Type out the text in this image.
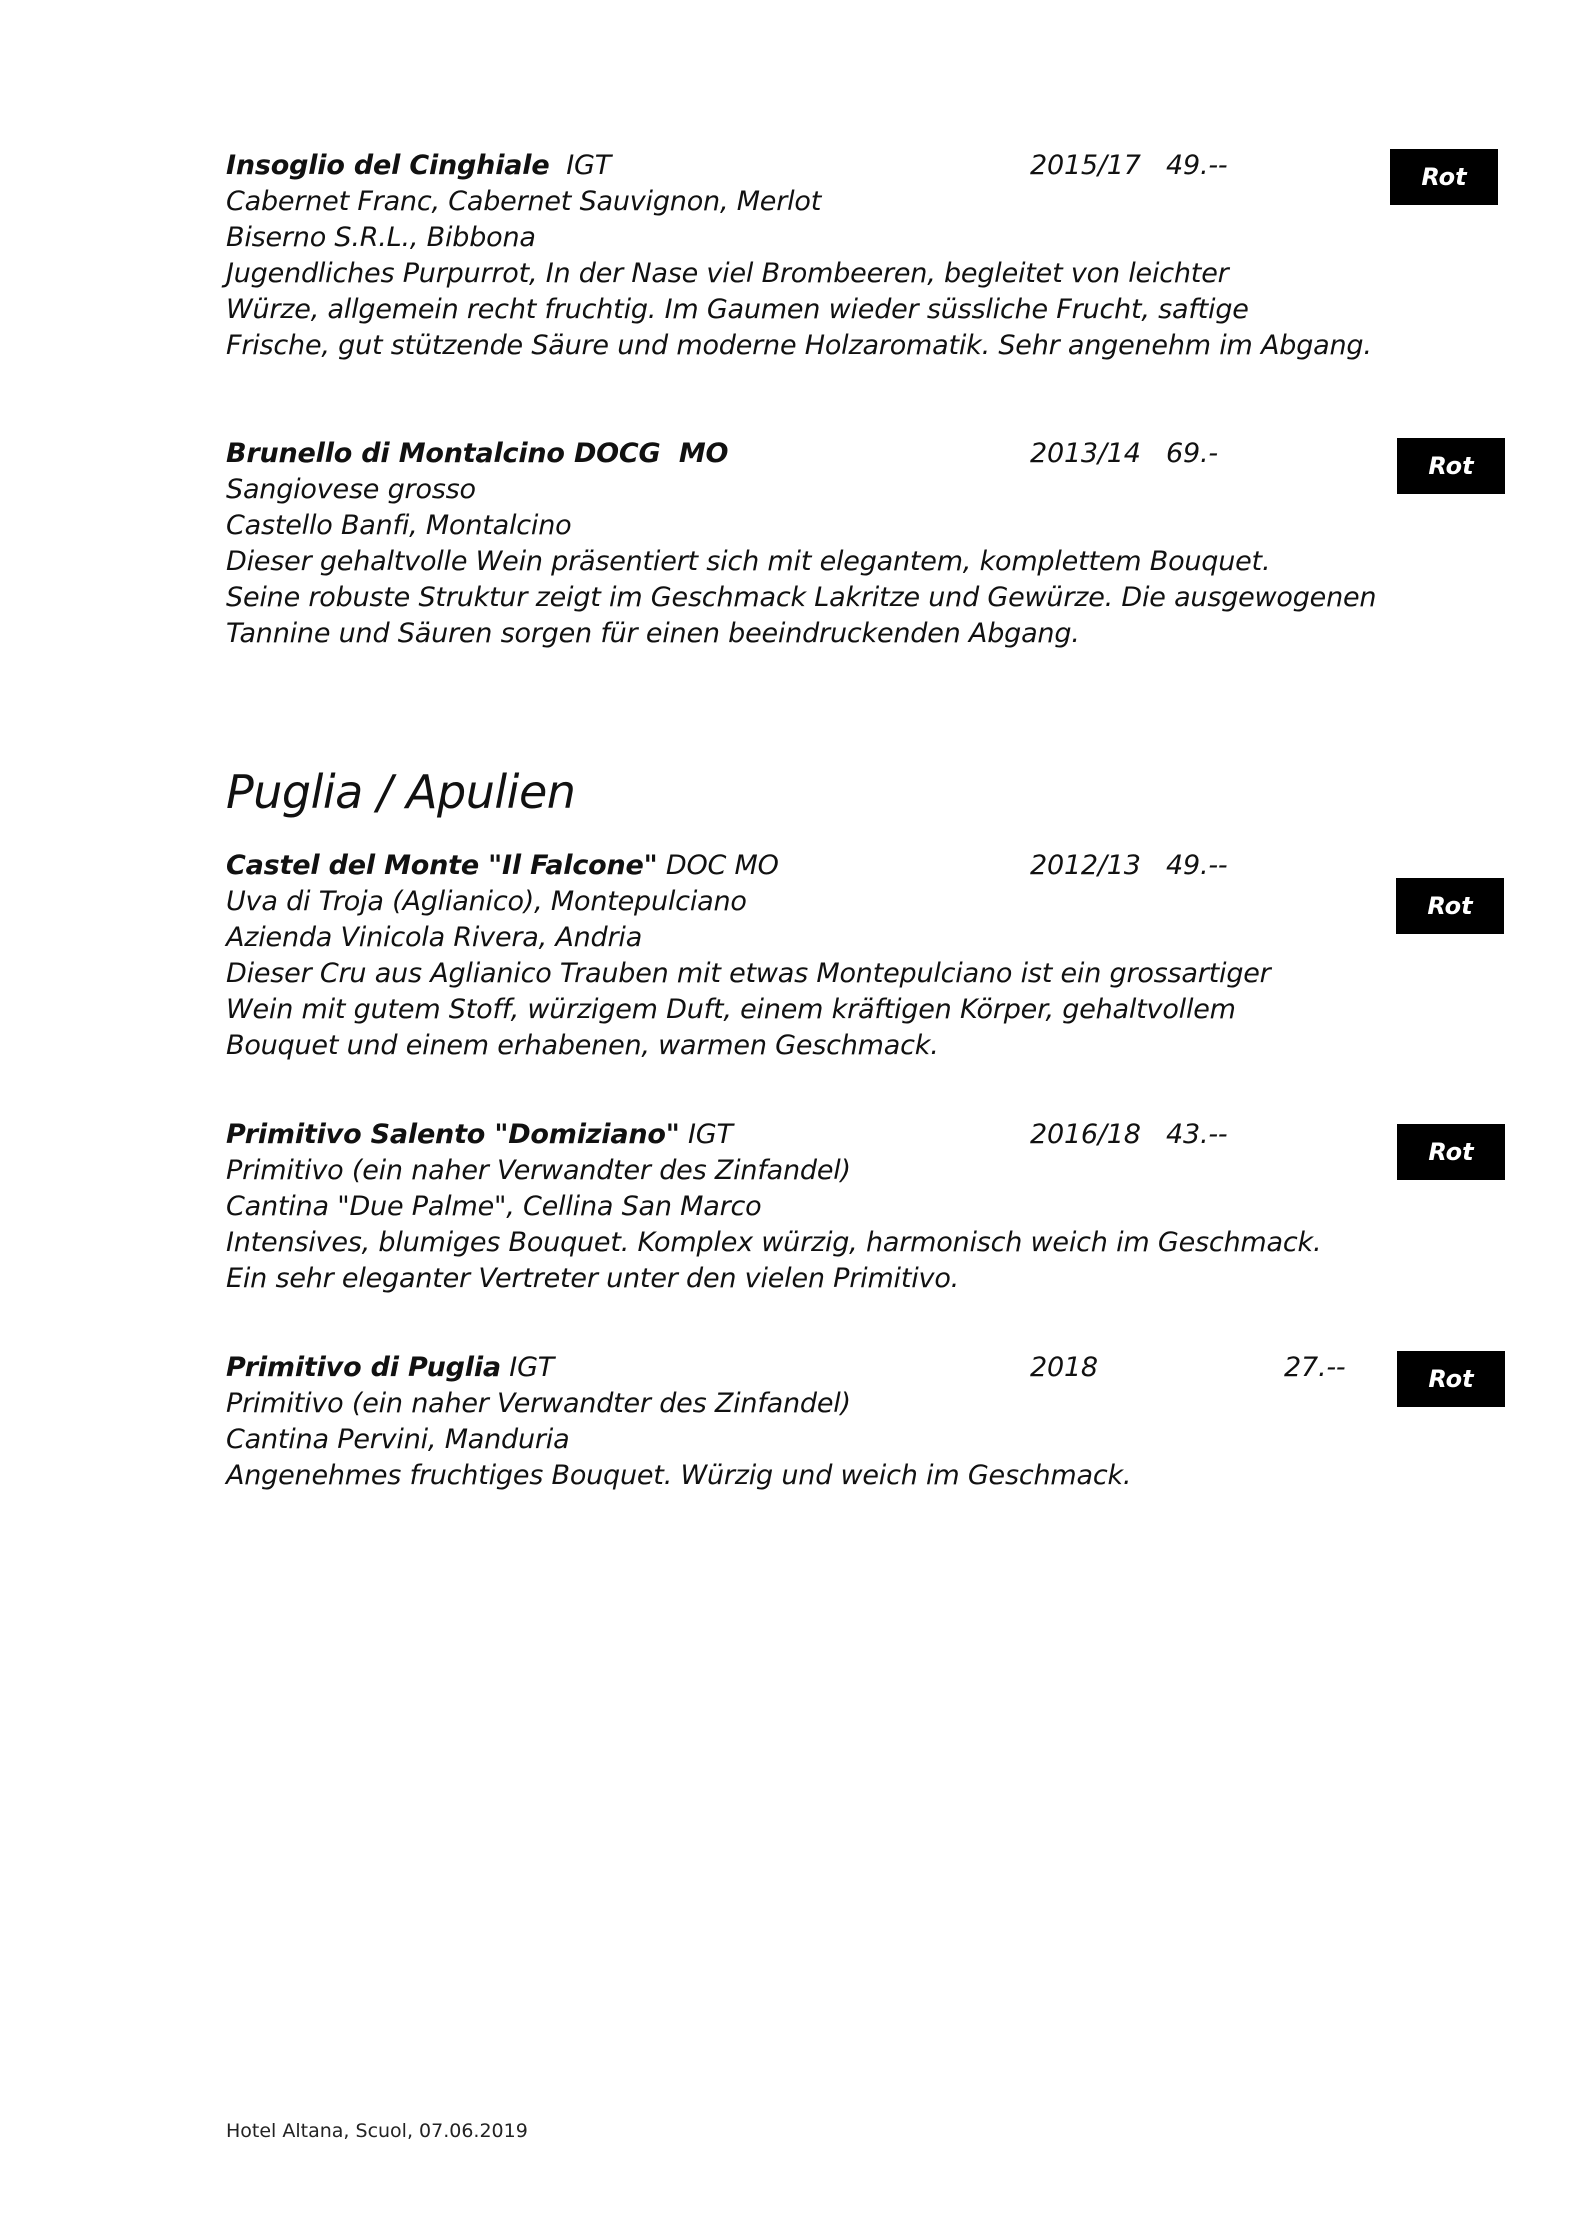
Insoglio del Cinghiale  IGT	2015/17 49.--
Cabernet Franc, Cabernet Sauvignon, Merlot
Biserno S.R.L., Bibbona
Jugendliches Purpurrot, In der Nase viel Brombeeren, begleitet von leichter
Würze, allgemein recht fruchtig. Im Gaumen wieder süssliche Frucht, saftige
Frische, gut stützende Säure und moderne Holzaromatik. Sehr angenehm im Abgang.
Rot
Brunello di Montalcino DOCG  MO	2013/14 69.-
Sangiovese grosso
Castello Banfi, Montalcino
Dieser gehaltvolle Wein präsentiert sich mit elegantem, komplettem Bouquet.
Seine robuste Struktur zeigt im Geschmack Lakritze und Gewürze. Die ausgewogenen
Tannine und Säuren sorgen für einen beeindruckenden Abgang.
Rot
Puglia / Apulien
Castel del Monte "Il Falcone" DOC MO	2012/13 49.--
Uva di Troja (Aglianico), Montepulciano
Azienda Vinicola Rivera, Andria
Dieser Cru aus Aglianico Trauben mit etwas Montepulciano ist ein grossartiger
Wein mit gutem Stoff, würzigem Duft, einem kräftigen Körper, gehaltvollem
Bouquet und einem erhabenen, warmen Geschmack.
Rot
Primitivo Salento "Domiziano" IGT	2016/18 43.--
Primitivo (ein naher Verwandter des Zinfandel)
Cantina "Due Palme", Cellina San Marco
Intensives, blumiges Bouquet. Komplex würzig, harmonisch weich im Geschmack.
Ein sehr eleganter Vertreter unter den vielen Primitivo.
Rot
Primitivo di Puglia IGT	2018	27.--
Primitivo (ein naher Verwandter des Zinfandel)
Cantina Pervini, Manduria
Angenehmes fruchtiges Bouquet. Würzig und weich im Geschmack.
Rot
Hotel Altana, Scuol, 07.06.2019
